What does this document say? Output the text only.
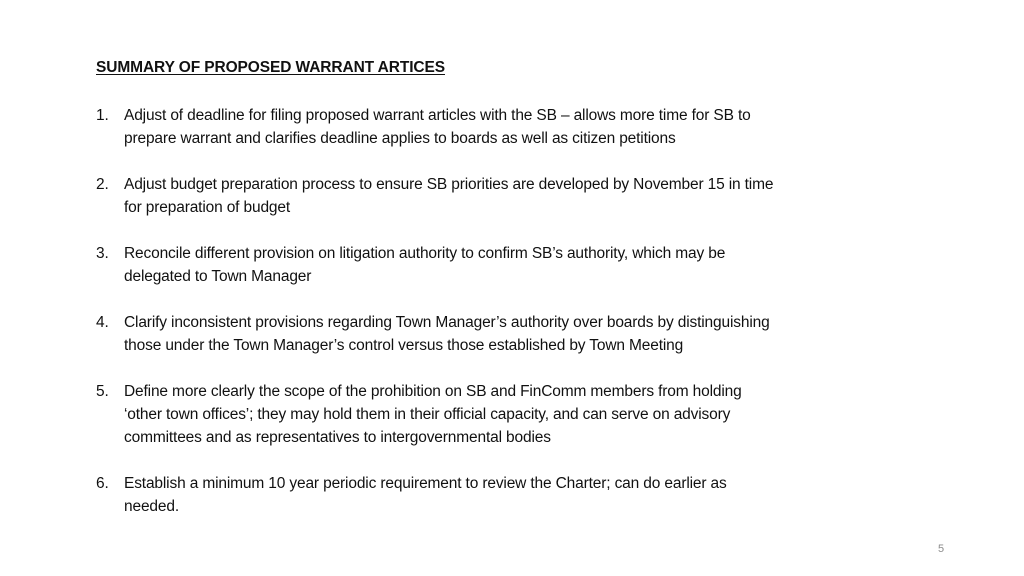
SUMMARY OF PROPOSED WARRANT ARTICES
1. Adjust of deadline for filing proposed warrant articles with the SB – allows more time for SB to
prepare warrant and clarifies deadline applies to boards as well as citizen petitions
2. Adjust budget preparation process to ensure SB priorities are developed by November 15 in time
for preparation of budget
3. Reconcile different provision on litigation authority to confirm SB’s authority, which may be
delegated to Town Manager
4. Clarify inconsistent provisions regarding Town Manager’s authority over boards by distinguishing
those under the Town Manager’s control versus those established by Town Meeting
5. Define more clearly the scope of the prohibition on SB and FinComm members from holding
‘other town offices’; they may hold them in their official capacity, and can serve on advisory
committees and as representatives to intergovernmental bodies
6. Establish a minimum 10 year periodic requirement to review the Charter; can do earlier as
needed.
5
